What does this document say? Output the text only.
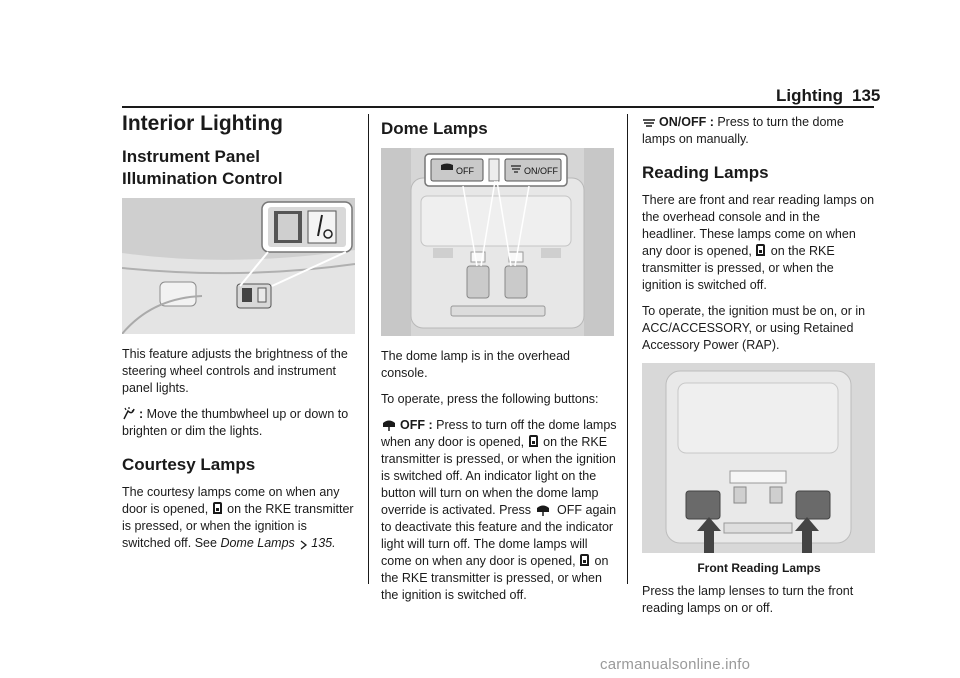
Lighting 135
Interior Lighting
Instrument Panel Illumination Control

This feature adjusts the brightness of the steering wheel controls and instrument panel lights.

: Move the thumbwheel up or down to brighten or dim the lights.

Courtesy Lamps

The courtesy lamps come on when any door is opened, on the RKE transmitter is pressed, or when the ignition is switched off. See Dome Lamps 135.

Dome Lamps
OFF	ON/OFF

The dome lamp is in the overhead console.

To operate, press the following buttons:

OFF : Press to turn off the dome lamps when any door is opened, on the RKE transmitter is pressed, or when the ignition is switched off. An indicator light on the button will turn on when the dome lamp override is activated. Press OFF again to deactivate this feature and the indicator light will turn off. The dome lamps will come on when any door is opened, on the RKE transmitter is pressed, or when the ignition is switched off.

ON/OFF : Press to turn the dome lamps on manually.

Reading Lamps

There are front and rear reading lamps on the overhead console and in the headliner. These lamps come on when any door is opened, on the RKE transmitter is pressed, or when the ignition is switched off.

To operate, the ignition must be on, or in ACC/ACCESSORY, or using Retained Accessory Power (RAP).

Front Reading Lamps

Press the lamp lenses to turn the front reading lamps on or off.

carmanualsonline.info
